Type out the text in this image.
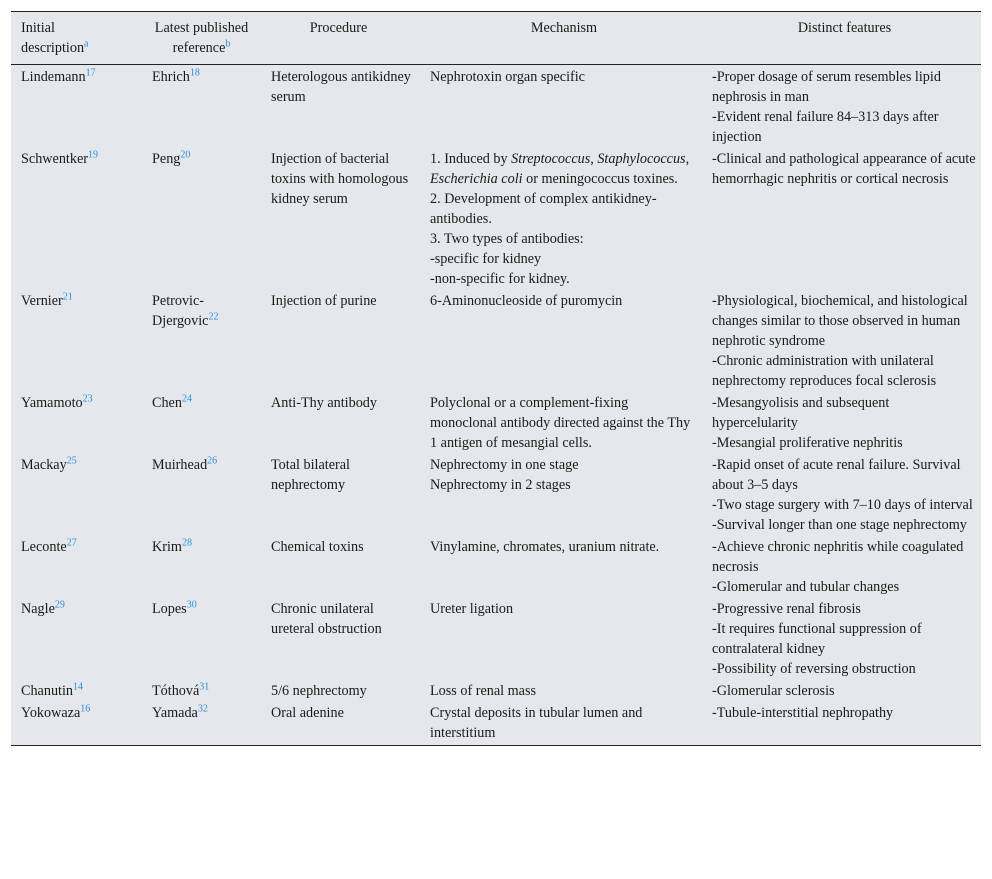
Initial description$^a$	Latest published reference$^b$	Procedure	Mechanism	Distinct features
Lindemann$^{17}$	Ehrich$^{18}$	Heterologous antikidney serum	Nephrotoxin organ specific	-Proper dosage of serum resembles lipid nephrosis in man
-Evident renal failure 84–313 days after injection

Schwentker$^{19}$	Peng$^{20}$	Injection of bacterial toxins with homologous kidney serum	1. Induced by Streptococcus, Staphylococcus, Escherichia coli or meningococcus toxines.
2. Development of complex antikidney-antibodies.
3. Two types of antibodies:
-specific for kidney
-non-specific for kidney.	-Clinical and pathological appearance of acute hemorrhagic nephritis or cortical necrosis

Vernier$^{21}$	Petrovic-Djergovic$^{22}$	Injection of purine	6-Aminonucleoside of puromycin	-Physiological, biochemical, and histological changes similar to those observed in human nephrotic syndrome
-Chronic administration with unilateral nephrectomy reproduces focal sclerosis

Yamamoto$^{23}$	Chen$^{24}$	Anti-Thy antibody	Polyclonal or a complement-fixing monoclonal antibody directed against the Thy 1 antigen of mesangial cells.	-Mesangyolisis and subsequent hypercelularity
-Mesangial proliferative nephritis

Mackay$^{25}$	Muirhead$^{26}$	Total bilateral nephrectomy	Nephrectomy in one stage
Nephrectomy in 2 stages	-Rapid onset of acute renal failure. Survival about 3–5 days
-Two stage surgery with 7–10 days of interval
-Survival longer than one stage nephrectomy

Leconte$^{27}$	Krim$^{28}$	Chemical toxins	Vinylamine, chromates, uranium nitrate.	-Achieve chronic nephritis while coagulated necrosis
-Glomerular and tubular changes

Nagle$^{29}$	Lopes$^{30}$	Chronic unilateral ureteral obstruction	Ureter ligation	-Progressive renal fibrosis
-It requires functional suppression of contralateral kidney
-Possibility of reversing obstruction

Chanutin$^{14}$	Tóthová$^{31}$	5/6 nephrectomy	Loss of renal mass	-Glomerular sclerosis

Yokowaza$^{16}$	Yamada$^{32}$	Oral adenine	Crystal deposits in tubular lumen and interstitium	-Tubule-interstitial nephropathy
